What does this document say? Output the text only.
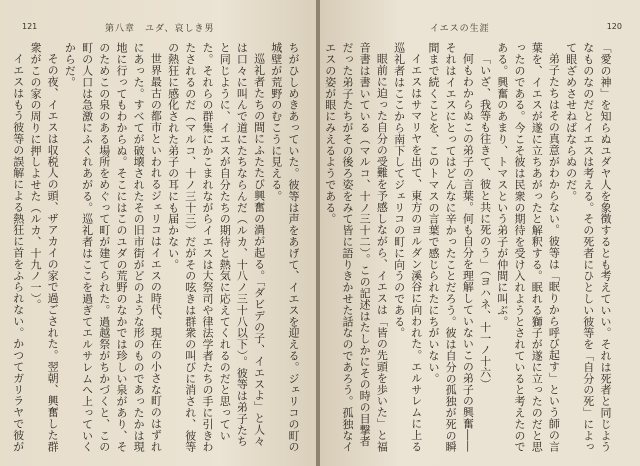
121	第八章　ユダ、哀しき男

ちがひしめきあっていた。彼等は声をあげて、イエスを迎える。ジェリコの町の城壁が荒野のむこうに見える。

巡礼者たちの間にふたたび興奮の渦が起る。「ダビデの子、イエスよ」と人々は口々に叫んで道にたちならんだ（ルカ、十八ノ三十八以下）。彼等は弟子たちと同じように、イエスが自分たちの期待と熱気に応えてくれるのだと思っていた。それらの群集にかこまれながらイエスは大祭司や律法学者たちの手に引きわたされるのだ（マルコ、十ノ三十三）だがその呟きは群衆の叫びに消され、彼等の熱狂に感化された弟子の耳にも届かない。

世界最古の都市といわれるジェリコはイエスの時代、現在の小さな町のはずれにあった。すべてが破壊されたその旧市街がどのような形のものであったかは現地に行ってもわからぬ。そこにはこのユダの荒野のなかでは珍しい泉があり、そのためこの泉のある場所をめぐって町が建てられた。過越祭がちかづくと、この町の人口は急激にふくれあがる。巡礼者はここを過ぎてエルサレムへ上っていくからだ。

その夜、イエスは収税人の頭、ザアカイの家で過ごされた。翌朝、興奮した群衆がこの家の周りに押しよせた（ルカ、十九ノ一）。

イエスはもう彼等の誤解による熱狂に首をふられない。かつてガリラヤで彼が

イエスの生涯	120

「愛の神」を知らぬユダヤ人を象徴するとも考えていい。それは死者と同じようなものなのだとイエスは考える。その死者にひとしい彼等を「自分の死」によって眼ざめさせねばならぬのだ。

弟子たちはその真意がわからない。彼等は「眠りから呼び起す」という師の言葉を、イエスが遂に立ちあがったと解釈する。眠れる獅子が遂に立ったのだと思ったのである。今こそ彼は民衆の期待を受け入れようとされていると考えたのである。興奮のあまり、トマスという弟子が仲間に叫ぶ。

「いざ、我等も往きて、彼と共に死のう」（ヨハネ、十一ノ十六）

何もわからぬこの弟子の言葉。何も自分を理解していないこの弟子の興奮――それはイエスにとってはどんなに辛かったことだろう。彼は自分の孤独が死の瞬間まで続くことを、このトマスの言葉で感じられたにちがいない。

イエスはサマリヤを出て、東方のヨルダン溪谷に向われた。エルサレムに上る巡礼者はここから南下してジェリコの町に向うのである。

眼前に迫った自分の受難を予感しながら、イエスは「皆の先頭を歩いた」と福音書は書いている（マルコ、十ノ三十二）。この記述はたしかにその時の目撃者だった弟子たちがその後ろ姿をみて皆に語りきかせた話なのであろう。孤独なイエスの姿が眼にみえるようである。
